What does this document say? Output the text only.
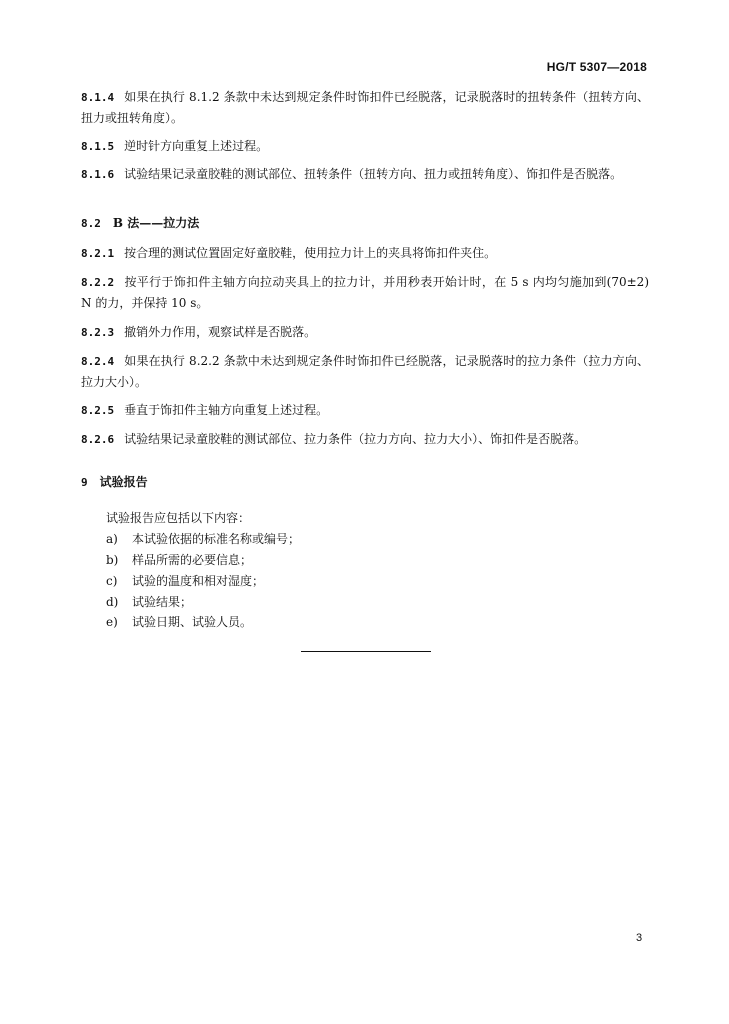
HG/T 5307—2018
8.1.4 如果在执行 8.1.2 条款中未达到规定条件时饰扣件已经脱落，记录脱落时的扭转条件（扭转方向、扭力或扭转角度）。
8.1.5 逆时针方向重复上述过程。
8.1.6 试验结果记录童胶鞋的测试部位、扭转条件（扭转方向、扭力或扭转角度）、饰扣件是否脱落。
8.2 B 法——拉力法
8.2.1 按合理的测试位置固定好童胶鞋，使用拉力计上的夹具将饰扣件夹住。
8.2.2 按平行于饰扣件主轴方向拉动夹具上的拉力计，并用秒表开始计时，在 5 s 内均匀施加到(70±2) N 的力，并保持 10 s。
8.2.3 撤销外力作用，观察试样是否脱落。
8.2.4 如果在执行 8.2.2 条款中未达到规定条件时饰扣件已经脱落，记录脱落时的拉力条件（拉力方向、拉力大小）。
8.2.5 垂直于饰扣件主轴方向重复上述过程。
8.2.6 试验结果记录童胶鞋的测试部位、拉力条件（拉力方向、拉力大小）、饰扣件是否脱落。
9 试验报告
试验报告应包括以下内容：
a) 本试验依据的标准名称或编号；
b) 样品所需的必要信息；
c) 试验的温度和相对湿度；
d) 试验结果；
e) 试验日期、试验人员。
3
